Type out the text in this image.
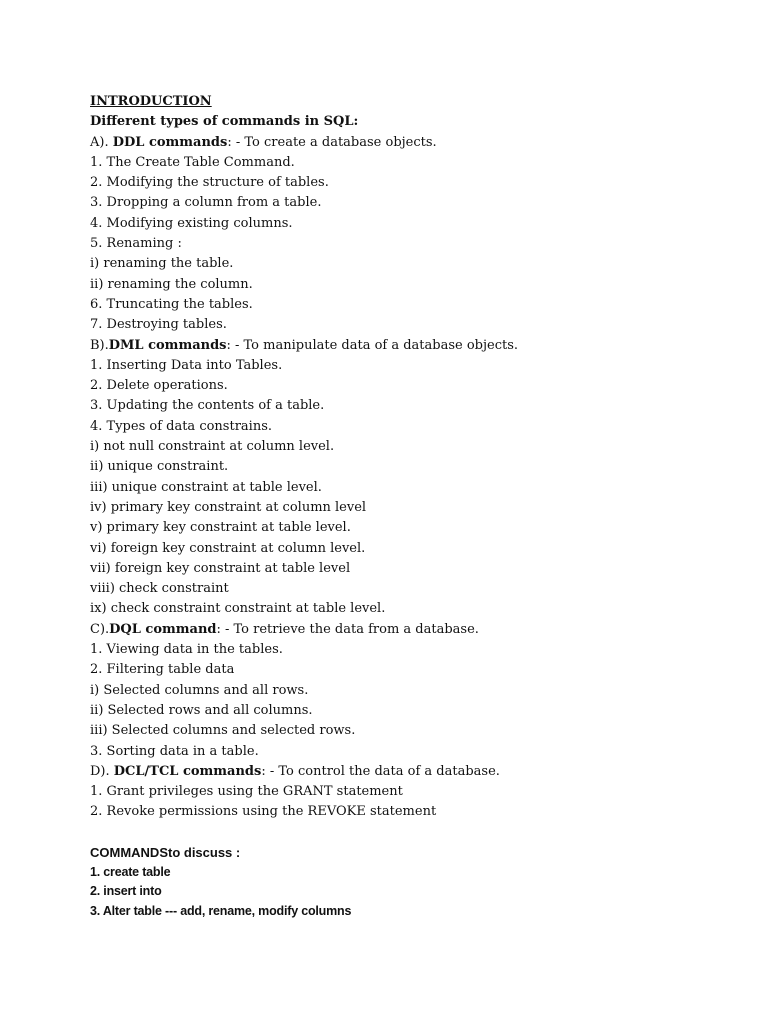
INTRODUCTION
Different types of commands in SQL:
A). DDL commands: - To create a database objects.
1. The Create Table Command.
2. Modifying the structure of tables.
3. Dropping a column from a table.
4. Modifying existing columns.
5. Renaming :
i) renaming the table.
ii) renaming the column.
6. Truncating the tables.
7. Destroying tables.
B).DML commands: - To manipulate data of a database objects.
1. Inserting Data into Tables.
2. Delete operations.
3. Updating the contents of a table.
4. Types of data constrains.
i) not null constraint at column level.
ii) unique constraint.
iii) unique constraint at table level.
iv) primary key constraint at column level
v) primary key constraint at table level.
vi) foreign key constraint at column level.
vii) foreign key constraint at table level
viii) check constraint
ix) check constraint constraint at table level.
C).DQL command: - To retrieve the data from a database.
1. Viewing data in the tables.
2. Filtering table data
i) Selected columns and all rows.
ii) Selected rows and all columns.
iii) Selected columns and selected rows.
3. Sorting data in a table.
D). DCL/TCL commands: - To control the data of a database.
1. Grant privileges using the GRANT statement
2. Revoke permissions using the REVOKE statement
COMMANDSto discuss :
1. create table
2. insert into
3. Alter table --- add, rename, modify columns
